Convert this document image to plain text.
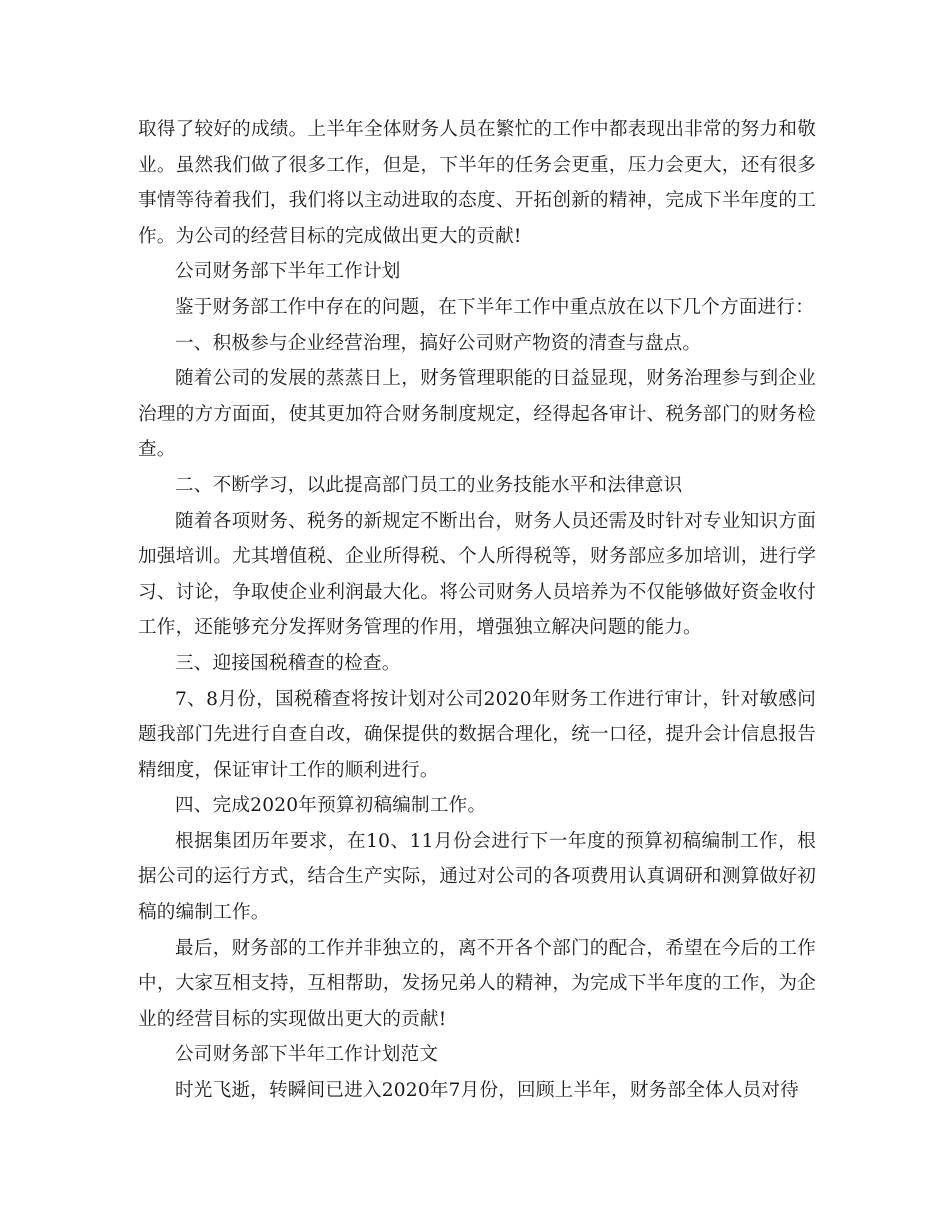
取得了较好的成绩。上半年全体财务人员在繁忙的工作中都表现出非常的努力和敬业。虽然我们做了很多工作，但是，下半年的任务会更重，压力会更大，还有很多事情等待着我们，我们将以主动进取的态度、开拓创新的精神，完成下半年度的工作。为公司的经营目标的完成做出更大的贡献!

公司财务部下半年工作计划

鉴于财务部工作中存在的问题，在下半年工作中重点放在以下几个方面进行：

一、积极参与企业经营治理，搞好公司财产物资的清查与盘点。

随着公司的发展的蒸蒸日上，财务管理职能的日益显现，财务治理参与到企业治理的方方面面，使其更加符合财务制度规定，经得起各审计、税务部门的财务检查。

二、不断学习，以此提高部门员工的业务技能水平和法律意识

随着各项财务、税务的新规定不断出台，财务人员还需及时针对专业知识方面加强培训。尤其增值税、企业所得税、个人所得税等，财务部应多加培训，进行学习、讨论，争取使企业利润最大化。将公司财务人员培养为不仅能够做好资金收付工作，还能够充分发挥财务管理的作用，增强独立解决问题的能力。

三、迎接国税稽查的检查。

7、8月份，国税稽查将按计划对公司2020年财务工作进行审计，针对敏感问题我部门先进行自查自改，确保提供的数据合理化，统一口径，提升会计信息报告精细度，保证审计工作的顺利进行。

四、完成2020年预算初稿编制工作。

根据集团历年要求，在10、11月份会进行下一年度的预算初稿编制工作，根据公司的运行方式，结合生产实际，通过对公司的各项费用认真调研和测算做好初稿的编制工作。

最后，财务部的工作并非独立的，离不开各个部门的配合，希望在今后的工作中，大家互相支持，互相帮助，发扬兄弟人的精神，为完成下半年度的工作，为企业的经营目标的实现做出更大的贡献!

公司财务部下半年工作计划范文

时光飞逝，转瞬间已进入2020年7月份，回顾上半年，财务部全体人员对待
